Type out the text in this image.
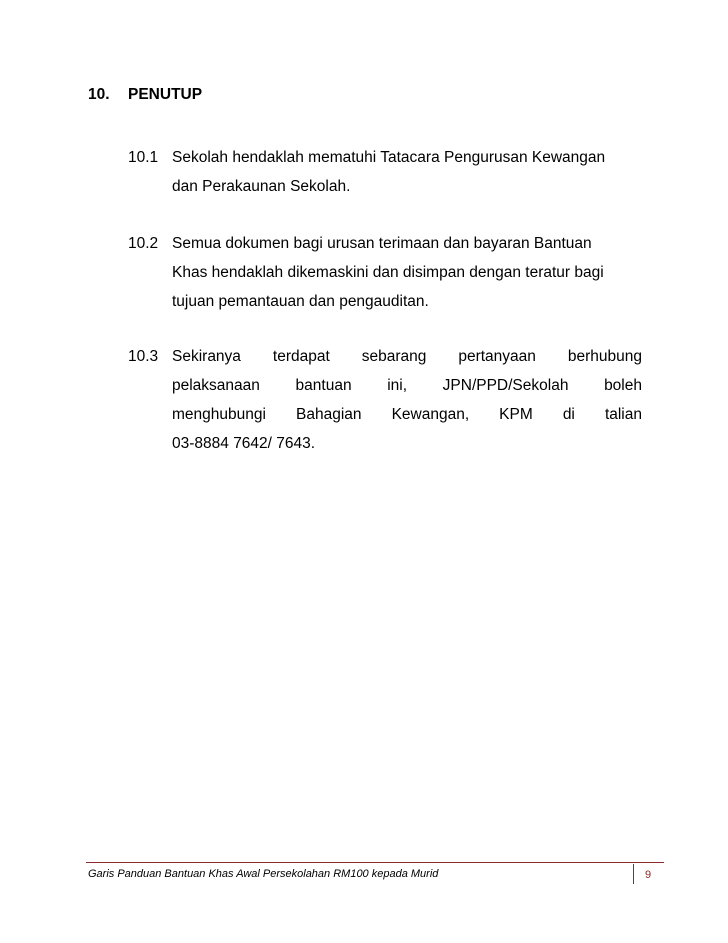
10. PENUTUP
10.1 Sekolah hendaklah mematuhi Tatacara Pengurusan Kewangan
dan Perakaunan Sekolah.
10.2 Semua dokumen bagi urusan terimaan dan bayaran Bantuan
Khas hendaklah dikemaskini dan disimpan dengan teratur bagi
tujuan pemantauan dan pengauditan.
10.3 Sekiranya terdapat sebarang pertanyaan berhubung
pelaksanaan bantuan ini, JPN/PPD/Sekolah boleh
menghubungi Bahagian Kewangan, KPM di talian
03-8884 7642/ 7643.
Garis Panduan Bantuan Khas Awal Persekolahan RM100 kepada Murid	9
